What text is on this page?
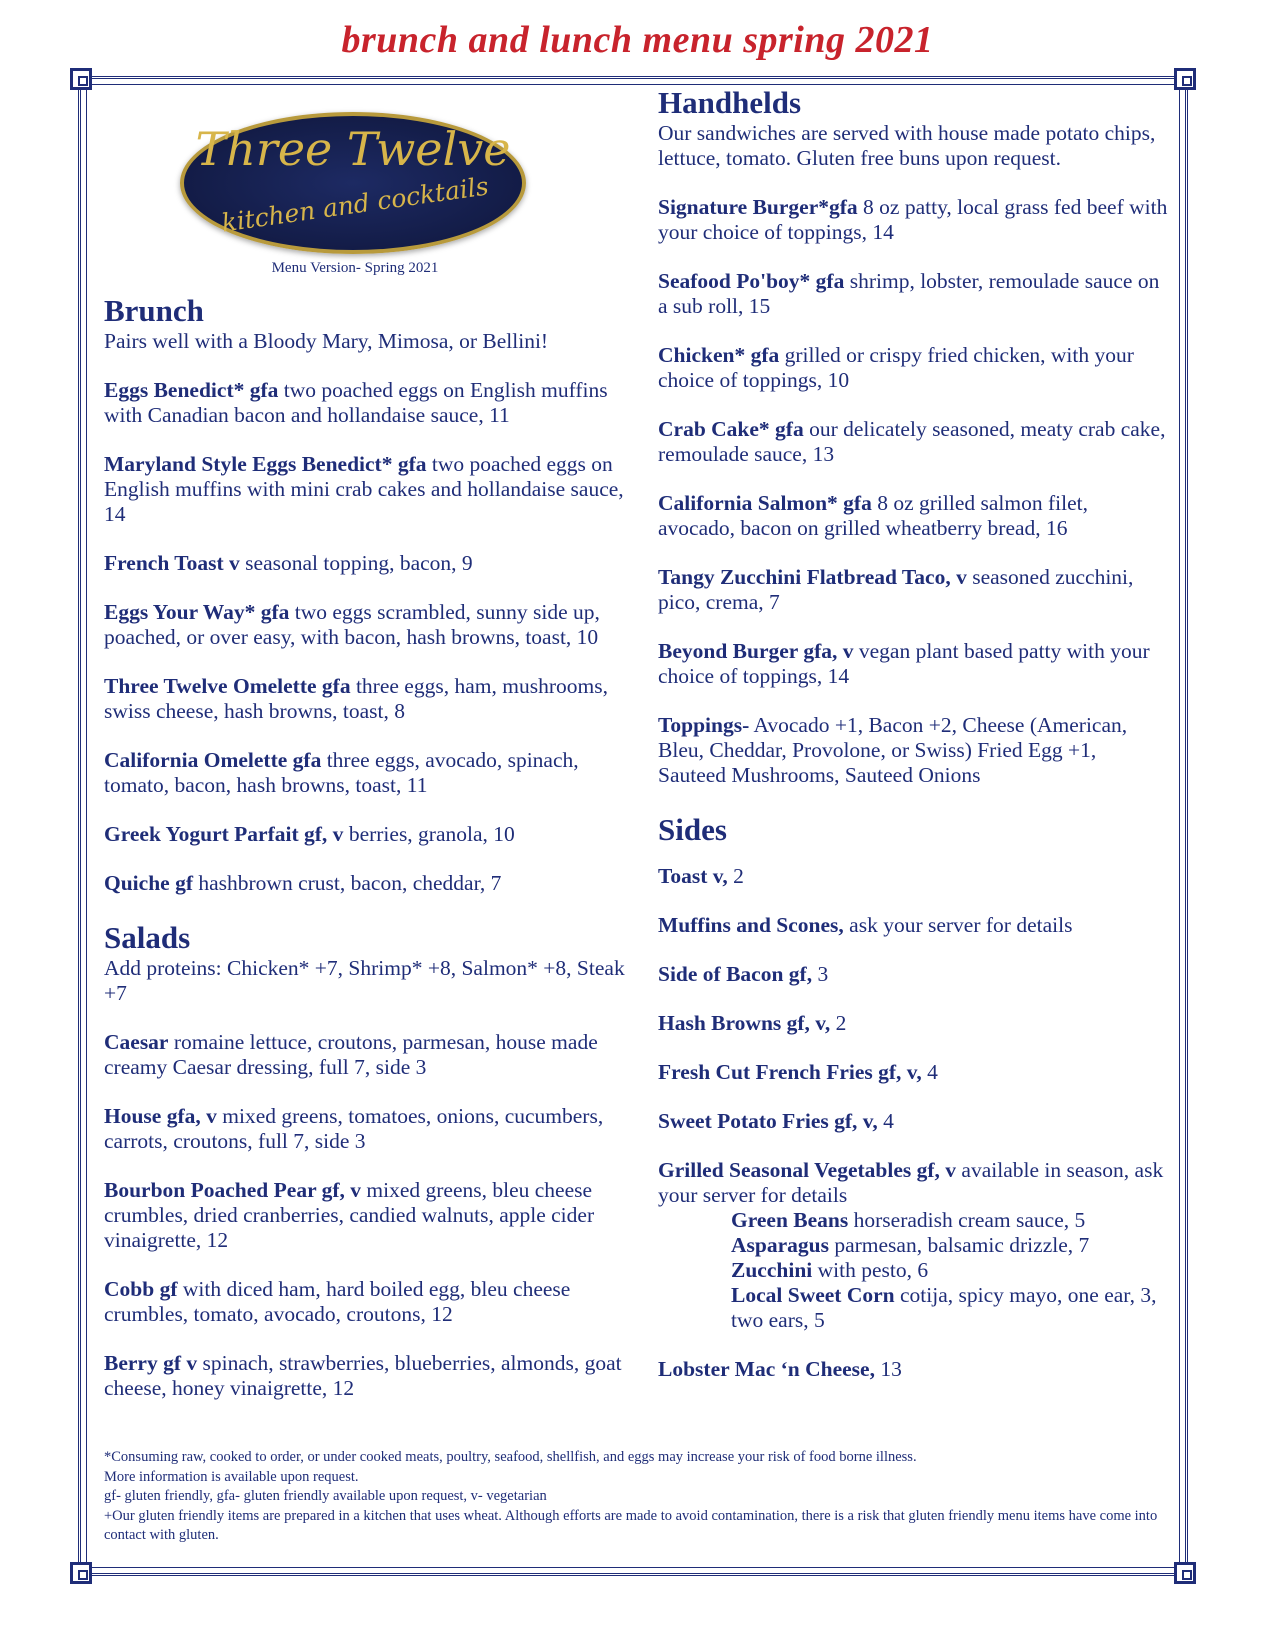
brunch and lunch menu spring 2021
Three Twelve
kitchen and cocktails
Menu Version- Spring 2021
Brunch
Pairs well with a Bloody Mary, Mimosa, or Bellini!
Eggs Benedict* gfa two poached eggs on English muffins with Canadian bacon and hollandaise sauce, 11
Maryland Style Eggs Benedict* gfa two poached eggs on English muffins with mini crab cakes and hollandaise sauce, 14
French Toast v seasonal topping, bacon, 9
Eggs Your Way* gfa two eggs scrambled, sunny side up, poached, or over easy, with bacon, hash browns, toast, 10
Three Twelve Omelette gfa three eggs, ham, mushrooms, swiss cheese, hash browns, toast, 8
California Omelette gfa three eggs, avocado, spinach, tomato, bacon, hash browns, toast, 11
Greek Yogurt Parfait gf, v berries, granola, 10
Quiche gf hashbrown crust, bacon, cheddar, 7
Salads
Add proteins: Chicken* +7, Shrimp* +8, Salmon* +8, Steak +7
Caesar romaine lettuce, croutons, parmesan, house made creamy Caesar dressing, full 7, side 3
House gfa, v mixed greens, tomatoes, onions, cucumbers, carrots, croutons, full 7, side 3
Bourbon Poached Pear gf, v mixed greens, bleu cheese crumbles, dried cranberries, candied walnuts, apple cider vinaigrette, 12
Cobb gf with diced ham, hard boiled egg, bleu cheese crumbles, tomato, avocado, croutons, 12
Berry gf v spinach, strawberries, blueberries, almonds, goat cheese, honey vinaigrette, 12
Handhelds
Our sandwiches are served with house made potato chips, lettuce, tomato. Gluten free buns upon request.
Signature Burger*gfa 8 oz patty, local grass fed beef with your choice of toppings, 14
Seafood Po'boy* gfa shrimp, lobster, remoulade sauce on a sub roll, 15
Chicken* gfa grilled or crispy fried chicken, with your choice of toppings, 10
Crab Cake* gfa our delicately seasoned, meaty crab cake, remoulade sauce, 13
California Salmon* gfa 8 oz grilled salmon filet, avocado, bacon on grilled wheatberry bread, 16
Tangy Zucchini Flatbread Taco, v seasoned zucchini, pico, crema, 7
Beyond Burger gfa, v vegan plant based patty with your choice of toppings, 14
Toppings- Avocado +1, Bacon +2, Cheese (American, Bleu, Cheddar, Provolone, or Swiss) Fried Egg +1, Sauteed Mushrooms, Sauteed Onions
Sides
Toast v, 2
Muffins and Scones, ask your server for details
Side of Bacon gf, 3
Hash Browns gf, v, 2
Fresh Cut French Fries gf, v, 4
Sweet Potato Fries gf, v, 4
Grilled Seasonal Vegetables gf, v available in season, ask your server for details
Green Beans horseradish cream sauce, 5
Asparagus parmesan, balsamic drizzle, 7
Zucchini with pesto, 6
Local Sweet Corn cotija, spicy mayo, one ear, 3, two ears, 5
Lobster Mac ‘n Cheese, 13

*Consuming raw, cooked to order, or under cooked meats, poultry, seafood, shellfish, and eggs may increase your risk of food borne illness.

More information is available upon request.

gf- gluten friendly, gfa- gluten friendly available upon request, v- vegetarian

+Our gluten friendly items are prepared in a kitchen that uses wheat. Although efforts are made to avoid contamination, there is a risk that gluten friendly menu items have come into contact with gluten.
